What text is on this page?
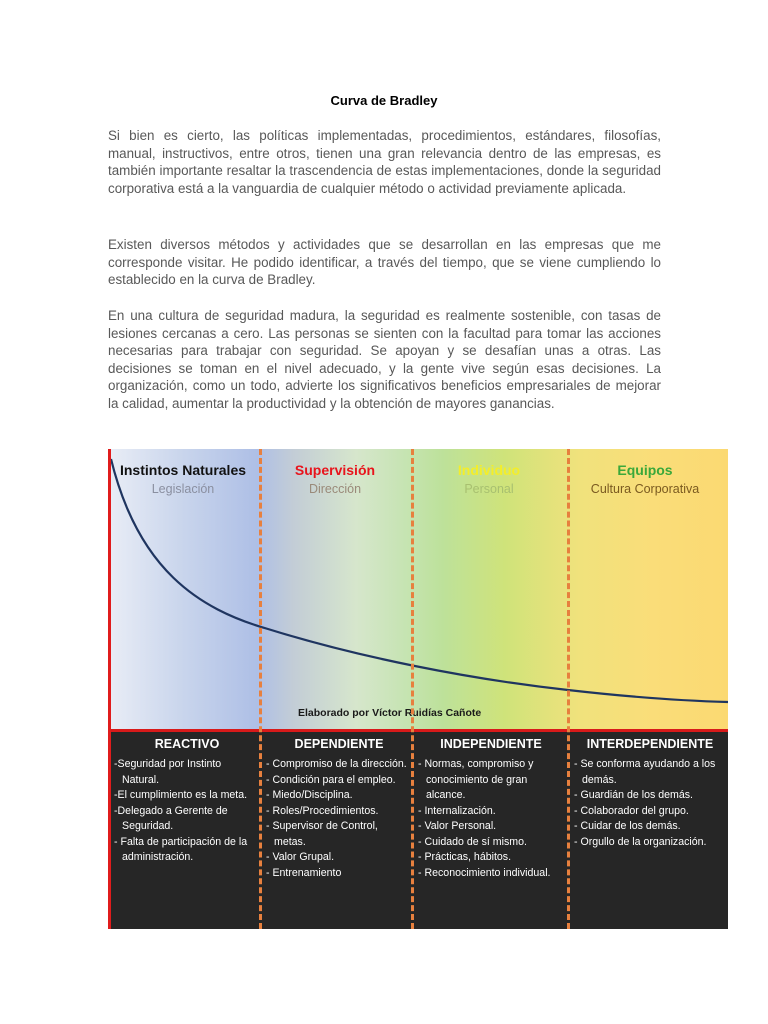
Curva de Bradley

Si bien es cierto, las políticas implementadas, procedimientos, estándares, filosofías, manual, instructivos, entre otros, tienen una gran relevancia dentro de las empresas, es también importante resaltar la trascendencia de estas implementaciones, donde la seguridad corporativa está a la vanguardia de cualquier método o actividad previamente aplicada.

Existen diversos métodos y actividades que se desarrollan en las empresas que me corresponde visitar. He podido identificar, a través del tiempo, que se viene cumpliendo lo establecido en la curva de Bradley.

En una cultura de seguridad madura, la seguridad es realmente sostenible, con tasas de lesiones cercanas a cero. Las personas se sienten con la facultad para tomar las acciones necesarias para trabajar con seguridad. Se apoyan y se desafían unas a otras. Las decisiones se toman en el nivel adecuado, y la gente vive según esas decisiones. La organización, como un todo, advierte los significativos beneficios empresariales de mejorar la calidad, aumentar la productividad y la obtención de mayores ganancias.

Instintos Naturales
Legislación
Supervisión
Dirección
Individuo
Personal
Equipos
Cultura Corporativa
Elaborado por Víctor Ruidías Cañote
REACTIVO
-Seguridad por Instinto Natural.
-El cumplimiento es la meta.
-Delegado a Gerente de Seguridad.
- Falta de participación de la administración.
DEPENDIENTE
- Compromiso de la dirección.
- Condición para el empleo.
- Miedo/Disciplina.
- Roles/Procedimientos.
- Supervisor de Control, metas.
- Valor Grupal.
- Entrenamiento
INDEPENDIENTE
- Normas, compromiso y conocimiento de gran alcance.
- Internalización.
- Valor Personal.
- Cuidado de sí mismo.
- Prácticas, hábitos.
- Reconocimiento individual.
INTERDEPENDIENTE
- Se conforma ayudando a los demás.
- Guardián de los demás.
- Colaborador del grupo.
- Cuidar de los demás.
- Orgullo de la organización.
